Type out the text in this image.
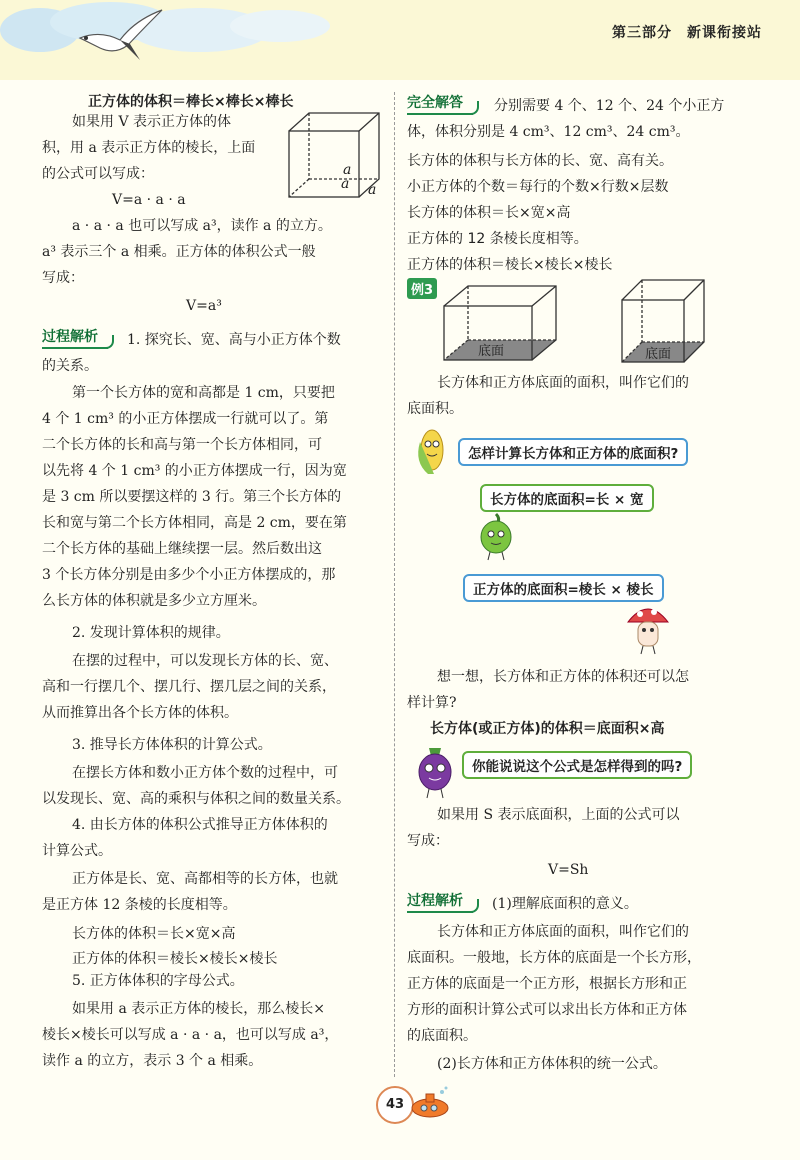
第三部分　新课衔接站
正方体的体积＝棒长×棒长×棒长
如果用 V 表示正方体的体
积，用 a 表示正方体的棱长，上面
的公式可以写成：	a
a a
V=a · a · a
a · a · a 也可以写成 a³，读作 a 的立方。
a³ 表示三个 a 相乘。正方体的体积公式一般
写成：
V=a³
过程解析	1. 探究长、宽、高与小正方体个数
的关系。
第一个长方体的宽和高都是 1 cm，只要把
4 个 1 cm³ 的小正方体摆成一行就可以了。第
二个长方体的长和高与第一个长方体相同，可
以先将 4 个 1 cm³ 的小正方体摆成一行，因为宽
是 3 cm 所以要摆这样的 3 行。第三个长方体的
长和宽与第二个长方体相同，高是 2 cm，要在第
二个长方体的基础上继续摆一层。然后数出这
3 个长方体分别是由多少个小正方体摆成的，那
么长方体的体积就是多少立方厘米。
2. 发现计算体积的规律。
在摆的过程中，可以发现长方体的长、宽、
高和一行摆几个、摆几行、摆几层之间的关系，
从而推算出各个长方体的体积。
3. 推导长方体体积的计算公式。
在摆长方体和数小正方体个数的过程中，可
以发现长、宽、高的乘积与体积之间的数量关系。
4. 由长方体的体积公式推导正方体体积的
计算公式。
正方体是长、宽、高都相等的长方体，也就
是正方体 12 条棱的长度相等。
长方体的体积＝长×宽×高
正方体的体积＝棱长×棱长×棱长
5. 正方体体积的字母公式。
如果用 a 表示正方体的棱长，那么棱长×
棱长×棱长可以写成 a · a · a，也可以写成 a³，
读作 a 的立方，表示 3 个 a 相乘。
完全解答	分别需要 4 个、12 个、24 个小正方
体，体积分别是 4 cm³、12 cm³、24 cm³。
长方体的体积与长方体的长、宽、高有关。
小正方体的个数＝每行的个数×行数×层数
长方体的体积＝长×宽×高
正方体的 12 条棱长度相等。
正方体的体积＝棱长×棱长×棱长
例3
底面	底面
长方体和正方体底面的面积，叫作它们的
底面积。
怎样计算长方体和正方体的底面积?
长方体的底面积=长 × 宽
正方体的底面积=棱长 × 棱长
想一想，长方体和正方体的体积还可以怎
样计算?
长方体(或正方体)的体积＝底面积×高
你能说说这个公式是怎样得到的吗?
如果用 S 表示底面积，上面的公式可以
写成：
V=Sh
过程解析	(1)理解底面积的意义。
长方体和正方体底面的面积，叫作它们的
底面积。一般地，长方体的底面是一个长方形，
正方体的底面是一个正方形，根据长方形和正
方形的面积计算公式可以求出长方体和正方体
的底面积。
(2)长方体和正方体体积的统一公式。
43
